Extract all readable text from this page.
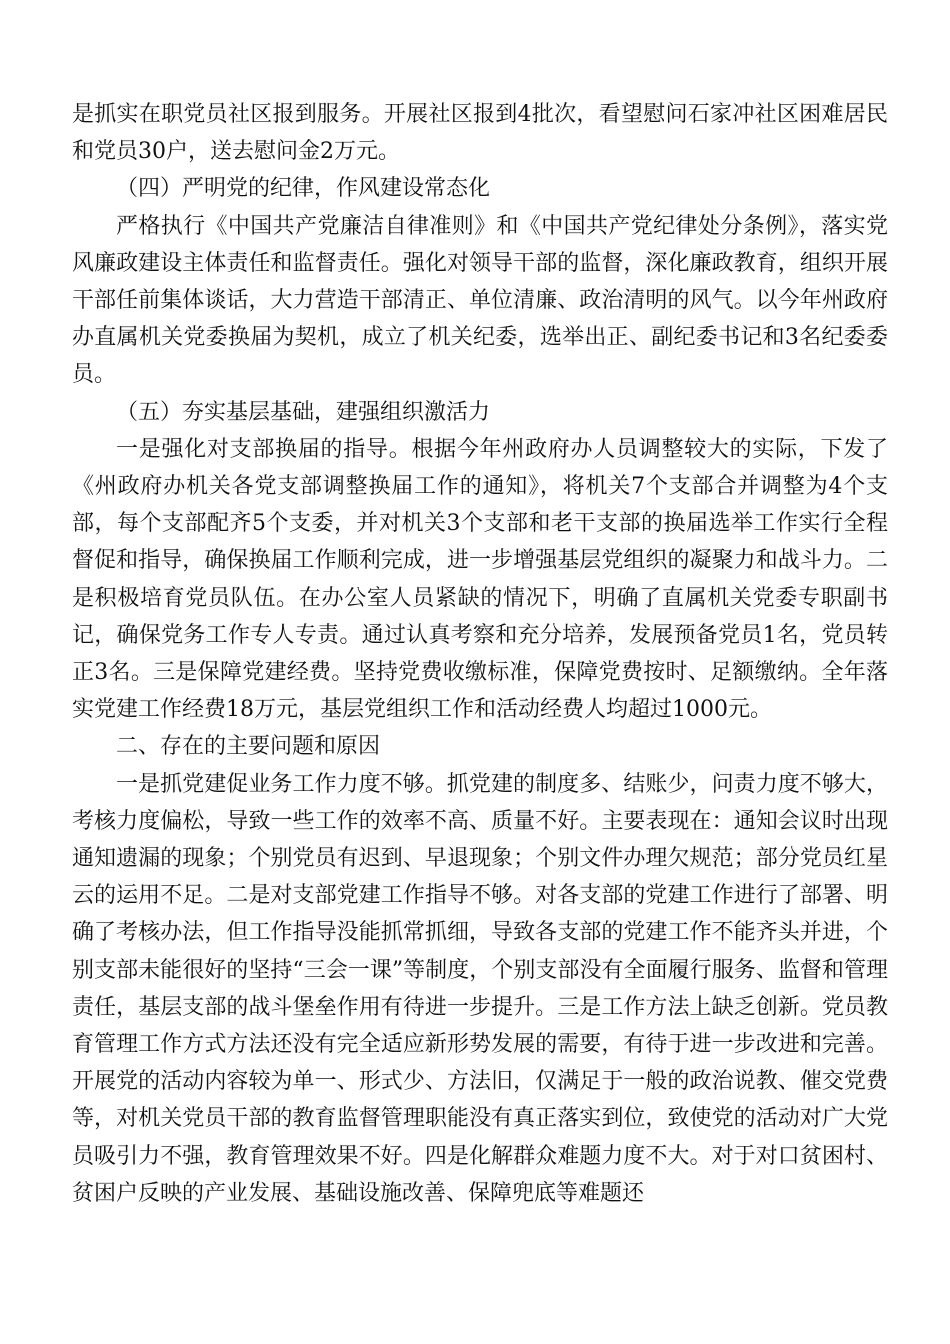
是抓实在职党员社区报到服务。开展社区报到4批次，看望慰问石家冲社区困难居民和党员30户，送去慰问金2万元。

（四）严明党的纪律，作风建设常态化

严格执行《中国共产党廉洁自律准则》和《中国共产党纪律处分条例》，落实党风廉政建设主体责任和监督责任。强化对领导干部的监督，深化廉政教育，组织开展干部任前集体谈话，大力营造干部清正、单位清廉、政治清明的风气。以今年州政府办直属机关党委换届为契机，成立了机关纪委，选举出正、副纪委书记和3名纪委委员。

（五）夯实基层基础，建强组织激活力

一是强化对支部换届的指导。根据今年州政府办人员调整较大的实际，下发了《州政府办机关各党支部调整换届工作的通知》，将机关7个支部合并调整为4个支部，每个支部配齐5个支委，并对机关3个支部和老干支部的换届选举工作实行全程督促和指导，确保换届工作顺利完成，进一步增强基层党组织的凝聚力和战斗力。二是积极培育党员队伍。在办公室人员紧缺的情况下，明确了直属机关党委专职副书记，确保党务工作专人专责。通过认真考察和充分培养，发展预备党员1名，党员转正3名。三是保障党建经费。坚持党费收缴标准，保障党费按时、足额缴纳。全年落实党建工作经费18万元，基层党组织工作和活动经费人均超过1000元。

二、存在的主要问题和原因

一是抓党建促业务工作力度不够。抓党建的制度多、结账少，问责力度不够大，考核力度偏松，导致一些工作的效率不高、质量不好。主要表现在：通知会议时出现通知遗漏的现象；个别党员有迟到、早退现象；个别文件办理欠规范；部分党员红星云的运用不足。二是对支部党建工作指导不够。对各支部的党建工作进行了部署、明确了考核办法，但工作指导没能抓常抓细，导致各支部的党建工作不能齐头并进，个别支部未能很好的坚持“三会一课”等制度，个别支部没有全面履行服务、监督和管理责任，基层支部的战斗堡垒作用有待进一步提升。三是工作方法上缺乏创新。党员教育管理工作方式方法还没有完全适应新形势发展的需要，有待于进一步改进和完善。开展党的活动内容较为单一、形式少、方法旧，仅满足于一般的政治说教、催交党费等，对机关党员干部的教育监督管理职能没有真正落实到位，致使党的活动对广大党员吸引力不强，教育管理效果不好。四是化解群众难题力度不大。对于对口贫困村、贫困户反映的产业发展、基础设施改善、保障兜底等难题还
